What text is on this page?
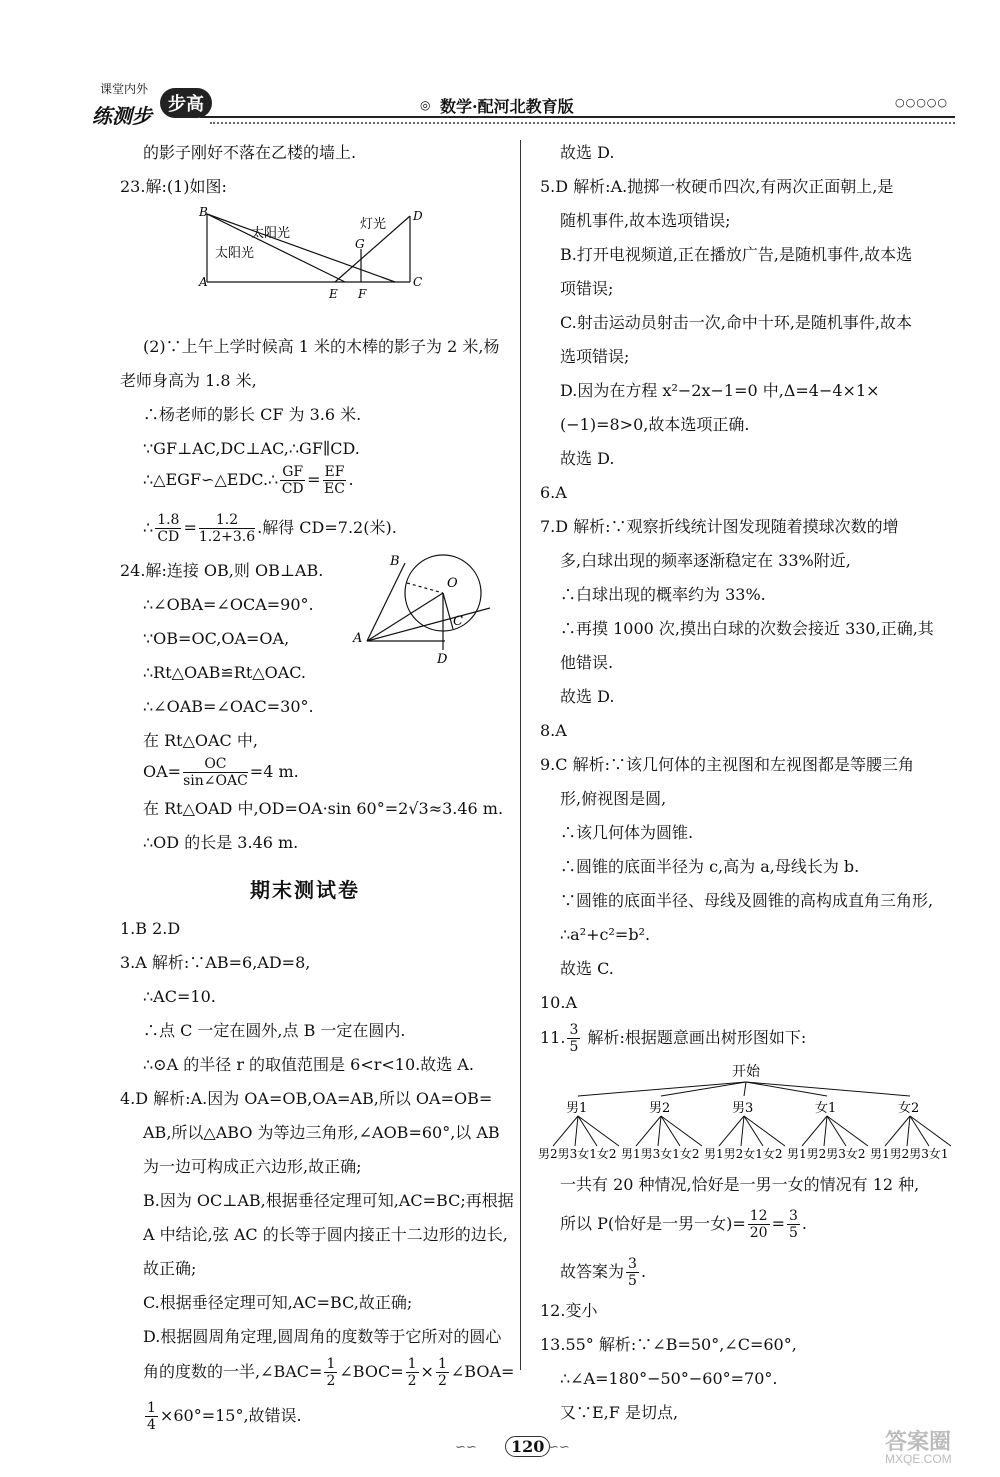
课堂内外
练测步 步高	◎ 数学·配河北教育版	○○○○○
的影子刚好不落在乙楼的墙上.
23.解:(1)如图:
B
A
D
C
G
E F
太阳光
太阳光
灯光
(2)∵上午上学时候高 1 米的木棒的影子为 2 米,杨
老师身高为 1.8 米,
∴杨老师的影长 CF 为 3.6 米.
∵GF⊥AC,DC⊥AC,∴GF∥CD.
∴△EGF∽△EDC.∴ $\frac{GF}{CD} = \frac{EF}{EC}$ .
∴ $\frac{1.8}{CD} = \frac{1.2}{1.2+3.6}$ .解得 CD=7.2(米).
24.解:连接 OB,则 OB⊥AB.
∴∠OBA=∠OCA=90°.
∵OB=OC,OA=OA,
∴Rt△OAB≌Rt△OAC.
∴∠OAB=∠OAC=30°.
在 Rt△OAC 中,
B
O
C
A
D
$OA= \frac{OC}{\text{sin∠OAC}} =4$ m.
在 Rt△OAD 中,OD=OA·sin 60°=2√3≈3.46 m.
∴OD 的长是 3.46 m.
期末测试卷
1.B 2.D
3.A 解析:∵AB=6,AD=8,
∴AC=10.
∴点 C 一定在圆外,点 B 一定在圆内.
∴⊙A 的半径 r 的取值范围是 6<r<10.故选 A.
4.D 解析:A.因为 OA=OB,OA=AB,所以 OA=OB=
AB,所以△ABO 为等边三角形,∠AOB=60°,以 AB
为一边可构成正六边形,故正确;
B.因为 OC⊥AB,根据垂径定理可知,AC=BC;再根据
A 中结论,弦 AC 的长等于圆内接正十二边形的边长,
故正确;
C.根据垂径定理可知,AC=BC,故正确;
D.根据圆周角定理,圆周角的度数等于它所对的圆心
角的度数的一半,∠BAC= $\frac{1}{2}$ ∠BOC= $\frac{1}{2} \times \frac{1}{2}$ ∠BOA=
$\frac{1}{4} \times 60^\circ=15^\circ$,故错误.
故选 D.
5.D 解析:A.抛掷一枚硬币四次,有两次正面朝上,是
随机事件,故本选项错误;
B.打开电视频道,正在播放广告,是随机事件,故本选
项错误;
C.射击运动员射击一次,命中十环,是随机事件,故本
选项错误;
D.因为在方程 x²−2x−1=0 中,Δ=4−4×1×
(−1)=8>0,故本选项正确.
故选 D.
6.A
7.D 解析:∵观察折线统计图发现随着摸球次数的增
多,白球出现的频率逐渐稳定在 33%附近,
∴白球出现的概率约为 33%.
∴再摸 1000 次,摸出白球的次数会接近 330,正确,其
他错误.
故选 D.
8.A
9.C 解析:∵该几何体的主视图和左视图都是等腰三角
形,俯视图是圆,
∴该几何体为圆锥.
∴圆锥的底面半径为 c,高为 a,母线长为 b.
∵圆锥的底面半径、母线及圆锥的高构成直角三角形,
∴a²+c²=b².
故选 C.
10.A
11. $\frac{3}{5}$ 解析:根据题意画出树形图如下:
开始
男1
男2男3女1女2
男2
男1男3女1女2
男3
男1男2女1女2
女1
男1男2男3女2
女2
男1男2男3女1
一共有 20 种情况,恰好是一男一女的情况有 12 种,
所以 P(恰好是一男一女)= $\frac{12}{20} = \frac{3}{5}$ .
故答案为 $\frac{3}{5}$ .
12.变小
13.55° 解析:∵∠B=50°,∠C=60°,
∴∠A=180°−50°−60°=70°.
又∵E,F 是切点,
∽∽	120 ∽∽	答案圈
MXQE.COM
